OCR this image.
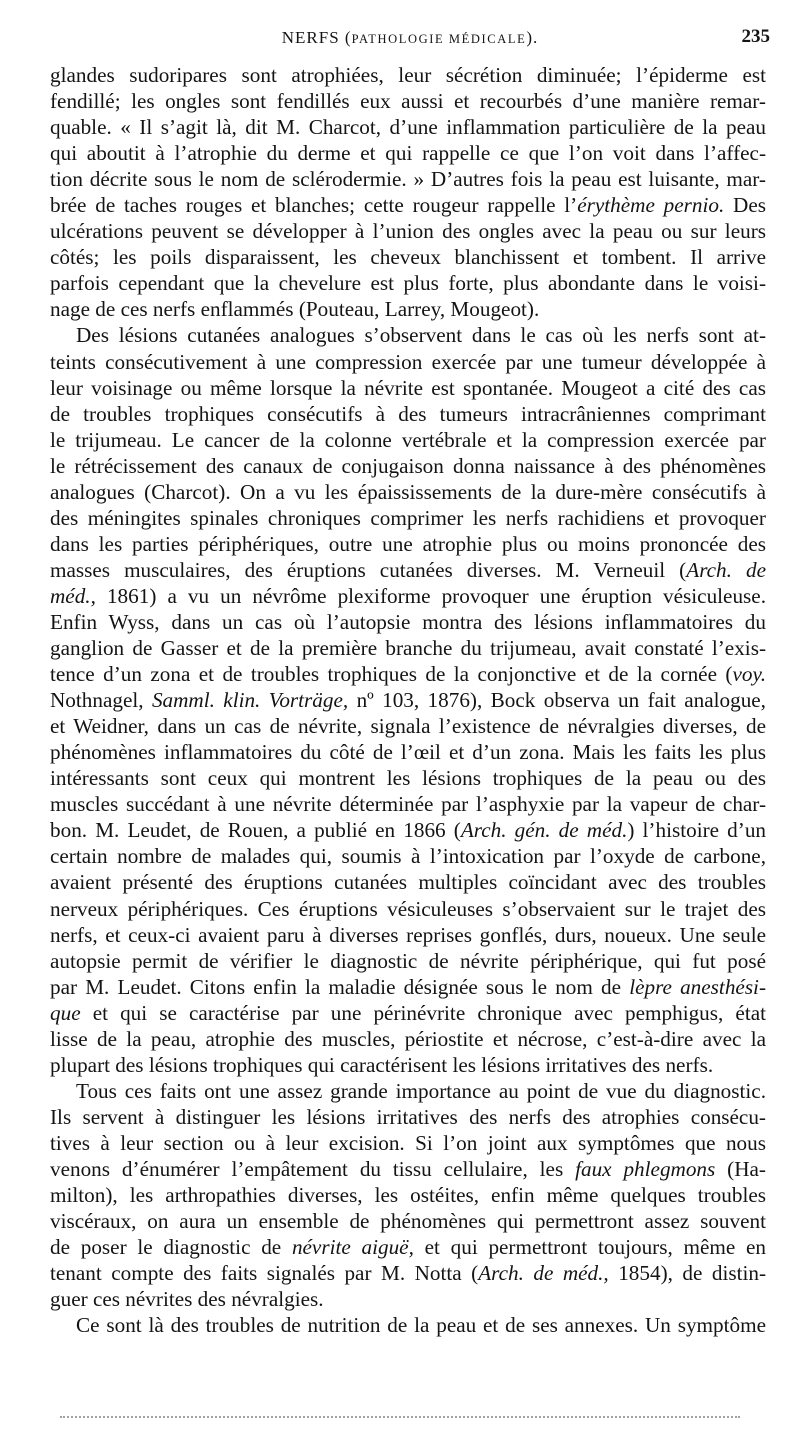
NERFS (PATHOLOGIE MÉDICALE).	235
glandes sudoripares sont atrophiées, leur sécrétion diminuée; l’épiderme est
fendillé; les ongles sont fendillés eux aussi et recourbés d’une manière remar-
quable. « Il s’agit là, dit M. Charcot, d’une inflammation particulière de la peau
qui aboutit à l’atrophie du derme et qui rappelle ce que l’on voit dans l’affec-
tion décrite sous le nom de sclérodermie. » D’autres fois la peau est luisante, mar-
brée de taches rouges et blanches; cette rougeur rappelle l’érythème pernio. Des
ulcérations peuvent se développer à l’union des ongles avec la peau ou sur leurs
côtés; les poils disparaissent, les cheveux blanchissent et tombent. Il arrive
parfois cependant que la chevelure est plus forte, plus abondante dans le voisi-
nage de ces nerfs enflammés (Pouteau, Larrey, Mougeot).
Des lésions cutanées analogues s’observent dans le cas où les nerfs sont at-
teints consécutivement à une compression exercée par une tumeur développée à
leur voisinage ou même lorsque la névrite est spontanée. Mougeot a cité des cas
de troubles trophiques consécutifs à des tumeurs intracrâniennes comprimant
le trijumeau. Le cancer de la colonne vertébrale et la compression exercée par
le rétrécissement des canaux de conjugaison donna naissance à des phénomènes
analogues (Charcot). On a vu les épaississements de la dure-mère consécutifs à
des méningites spinales chroniques comprimer les nerfs rachidiens et provoquer
dans les parties périphériques, outre une atrophie plus ou moins prononcée des
masses musculaires, des éruptions cutanées diverses. M. Verneuil (Arch. de
méd., 1861) a vu un névrôme plexiforme provoquer une éruption vésiculeuse.
Enfin Wyss, dans un cas où l’autopsie montra des lésions inflammatoires du
ganglion de Gasser et de la première branche du trijumeau, avait constaté l’exis-
tence d’un zona et de troubles trophiques de la conjonctive et de la cornée (voy.
Nothnagel, Samml. klin. Vorträge, nº 103, 1876), Bock observa un fait analogue,
et Weidner, dans un cas de névrite, signala l’existence de névralgies diverses, de
phénomènes inflammatoires du côté de l’œil et d’un zona. Mais les faits les plus
intéressants sont ceux qui montrent les lésions trophiques de la peau ou des
muscles succédant à une névrite déterminée par l’asphyxie par la vapeur de char-
bon. M. Leudet, de Rouen, a publié en 1866 (Arch. gén. de méd.) l’histoire d’un
certain nombre de malades qui, soumis à l’intoxication par l’oxyde de carbone,
avaient présenté des éruptions cutanées multiples coïncidant avec des troubles
nerveux périphériques. Ces éruptions vésiculeuses s’observaient sur le trajet des
nerfs, et ceux-ci avaient paru à diverses reprises gonflés, durs, noueux. Une seule
autopsie permit de vérifier le diagnostic de névrite périphérique, qui fut posé
par M. Leudet. Citons enfin la maladie désignée sous le nom de lèpre anesthési-
que et qui se caractérise par une périnévrite chronique avec pemphigus, état
lisse de la peau, atrophie des muscles, périostite et nécrose, c’est-à-dire avec la
plupart des lésions trophiques qui caractérisent les lésions irritatives des nerfs.
Tous ces faits ont une assez grande importance au point de vue du diagnostic.
Ils servent à distinguer les lésions irritatives des nerfs des atrophies consécu-
tives à leur section ou à leur excision. Si l’on joint aux symptômes que nous
venons d’énumérer l’empâtement du tissu cellulaire, les faux phlegmons (Ha-
milton), les arthropathies diverses, les ostéites, enfin même quelques troubles
viscéraux, on aura un ensemble de phénomènes qui permettront assez souvent
de poser le diagnostic de névrite aiguë, et qui permettront toujours, même en
tenant compte des faits signalés par M. Notta (Arch. de méd., 1854), de distin-
guer ces névrites des névralgies.
Ce sont là des troubles de nutrition de la peau et de ses annexes. Un symptôme
